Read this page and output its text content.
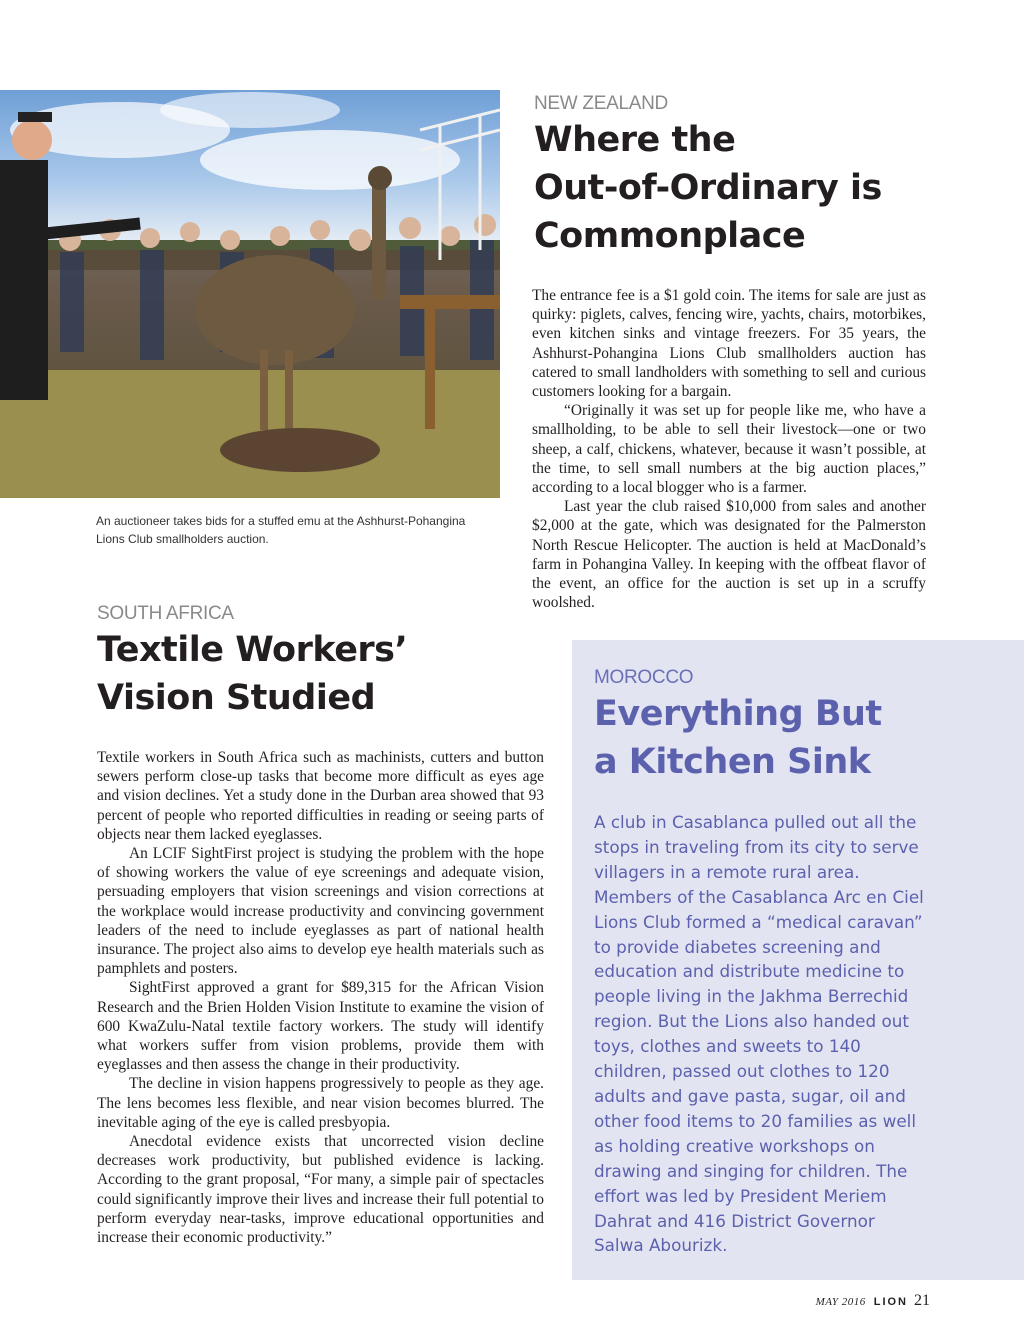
An auctioneer takes bids for a stuffed emu at the Ashhurst-Pohangina Lions Club smallholders auction.
NEW ZEALAND
Where the
Out-of-Ordinary is
Commonplace

The entrance fee is a $1 gold coin. The items for sale are just as quirky: piglets, calves, fencing wire, yachts, chairs, motorbikes, even kitchen sinks and vintage freezers. For 35 years, the Ashhurst-Pohangina Lions Club smallholders auction has catered to small landholders with something to sell and curious customers looking for a bargain.

“Originally it was set up for people like me, who have a smallholding, to be able to sell their livestock—one or two sheep, a calf, chickens, whatever, because it wasn’t possible, at the time, to sell small numbers at the big auction places,” according to a local blogger who is a farmer.

Last year the club raised $10,000 from sales and another $2,000 at the gate, which was designated for the Palmerston North Rescue Helicopter. The auction is held at MacDonald’s farm in Pohangina Valley. In keeping with the offbeat flavor of the event, an office for the auction is set up in a scruffy woolshed.

SOUTH AFRICA
Textile Workers’
Vision Studied

Textile workers in South Africa such as machinists, cutters and button sewers perform close-up tasks that become more difficult as eyes age and vision declines. Yet a study done in the Durban area showed that 93 percent of people who reported difficulties in reading or seeing parts of objects near them lacked eyeglasses.

An LCIF SightFirst project is studying the problem with the hope of showing workers the value of eye screenings and adequate vision, persuading employers that vision screenings and vision corrections at the workplace would increase productivity and convincing government leaders of the need to include eyeglasses as part of national health insurance. The project also aims to develop eye health materials such as pamphlets and posters.

SightFirst approved a grant for $89,315 for the African Vision Research and the Brien Holden Vision Institute to examine the vision of 600 KwaZulu-Natal textile factory workers. The study will identify what workers suffer from vision problems, provide them with eyeglasses and then assess the change in their productivity.

The decline in vision happens progressively to people as they age. The lens becomes less flexible, and near vision becomes blurred. The inevitable aging of the eye is called presbyopia.

Anecdotal evidence exists that uncorrected vision decline decreases work productivity, but published evidence is lacking. According to the grant proposal, “For many, a simple pair of spectacles could significantly improve their lives and increase their full potential to perform everyday near-tasks, improve educational opportunities and increase their economic productivity.”

MOROCCO
Everything But
a Kitchen Sink
A club in Casablanca pulled out all the stops in traveling from its city to serve villagers in a remote rural area. Members of the Casablanca Arc en Ciel Lions Club formed a “medical caravan” to provide diabetes screening and education and distribute medicine to people living in the Jakhma Berrechid region. But the Lions also handed out toys, clothes and sweets to 140 children, passed out clothes to 120 adults and gave pasta, sugar, oil and other food items to 20 families as well as holding creative workshops on drawing and singing for children. The effort was led by President Meriem Dahrat and 416 District Governor Salwa Abourizk.
MAY 2016 LION 21
